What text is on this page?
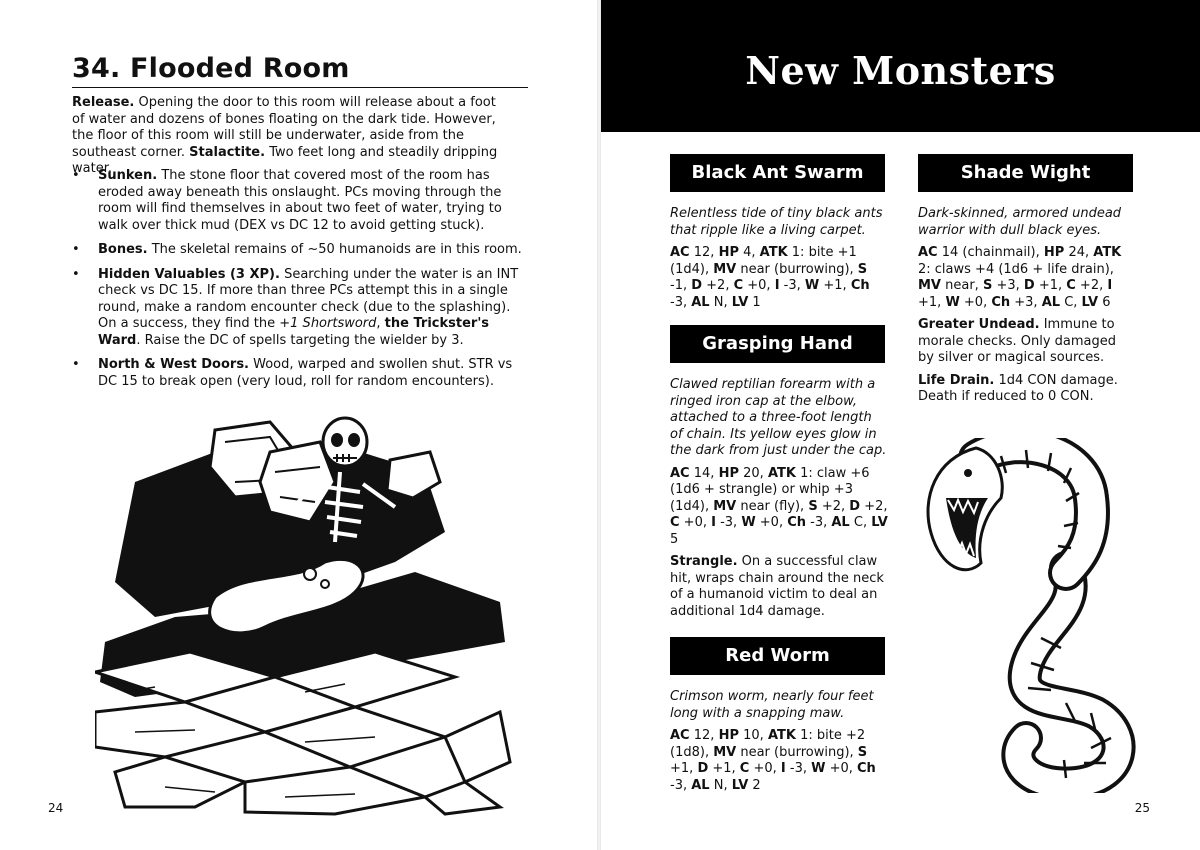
34. Flooded Room

Release. Opening the door to this room will release about a foot of water and dozens of bones floating on the dark tide. However, the floor of this room will still be underwater, aside from the southeast corner. Stalactite. Two feet long and steadily dripping water.

• Sunken. The stone floor that covered most of the room has eroded away beneath this onslaught. PCs moving through the room will find themselves in about two feet of water, trying to walk over thick mud (DEX vs DC 12 to avoid getting stuck).
• Bones. The skeletal remains of ~50 humanoids are in this room.
• Hidden Valuables (3 XP). Searching under the water is an INT check vs DC 15. If more than three PCs attempt this in a single round, make a random encounter check (due to the splashing). On a success, they find the +1 Shortsword, the Trickster's Ward. Raise the DC of spells targeting the wielder by 3.
• North & West Doors. Wood, warped and swollen shut. STR vs DC 15 to break open (very loud, roll for random encounters).
24
New Monsters
Black Ant Swarm

Relentless tide of tiny black ants that ripple like a living carpet.

AC 12, HP 4, ATK 1: bite +1 (1d4), MV near (burrowing), S -1, D +2, C +0, I -3, W +1, Ch -3, AL N, LV 1

Grasping Hand

Clawed reptilian forearm with a ringed iron cap at the elbow, attached to a three-foot length of chain. Its yellow eyes glow in the dark from just under the cap.

AC 14, HP 20, ATK 1: claw +6 (1d6 + strangle) or whip +3 (1d4), MV near (fly), S +2, D +2, C +0, I -3, W +0, Ch -3, AL C, LV 5

Strangle. On a successful claw hit, wraps chain around the neck of a humanoid victim to deal an additional 1d4 damage.

Red Worm

Crimson worm, nearly four feet long with a snapping maw.

AC 12, HP 10, ATK 1: bite +2 (1d8), MV near (burrowing), S +1, D +1, C +0, I -3, W +0, Ch -3, AL N, LV 2

Shade Wight

Dark-skinned, armored undead warrior with dull black eyes.

AC 14 (chainmail), HP 24, ATK 2: claws +4 (1d6 + life drain), MV near, S +3, D +1, C +2, I +1, W +0, Ch +3, AL C, LV 6

Greater Undead. Immune to morale checks. Only damaged by silver or magical sources.

Life Drain. 1d4 CON damage. Death if reduced to 0 CON.

25
